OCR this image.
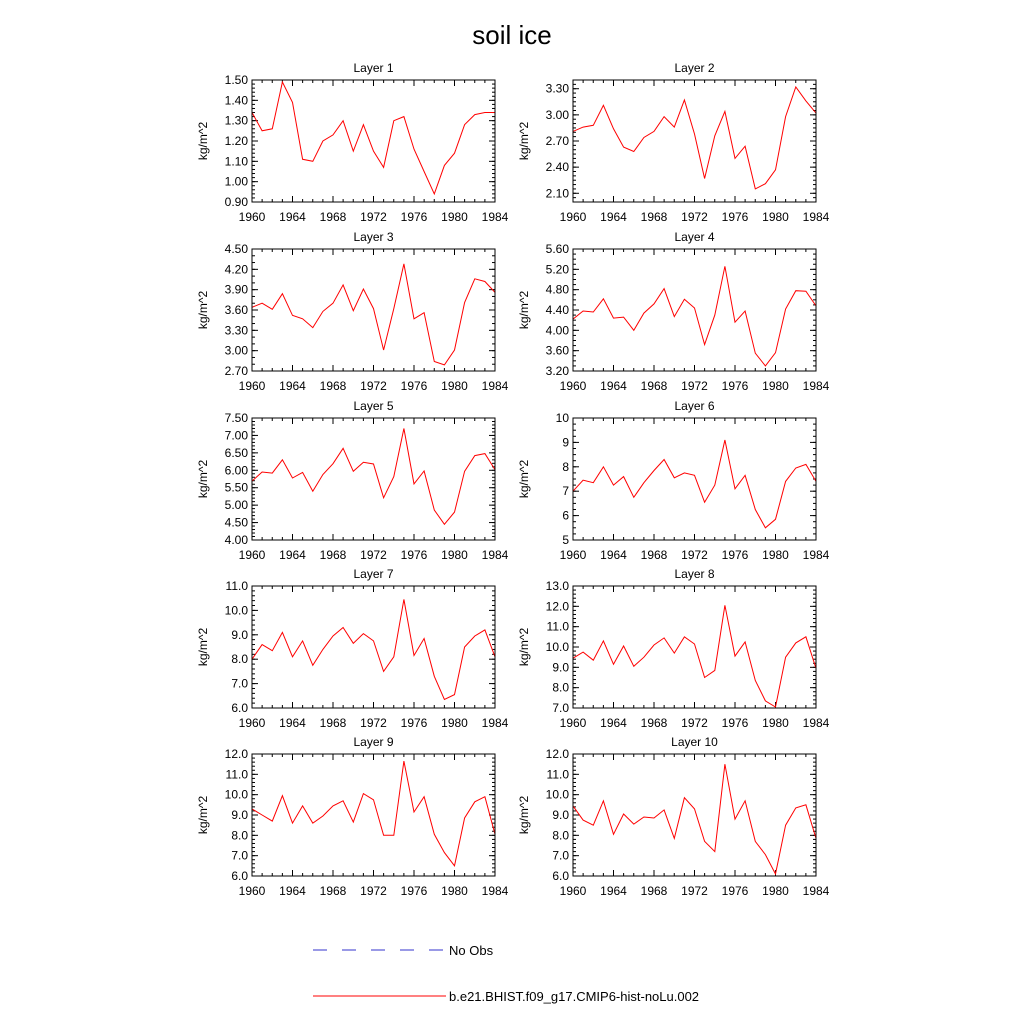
soil ice
Layer 1
kg/m^2
0.90
1.00
1.10
1.20
1.30
1.40
1.50
1960 1964 1968 1972 1976 1980 1984
Layer 2
kg/m^2
2.10
2.40
2.70
3.00
3.30
1960 1964 1968 1972 1976 1980 1984
Layer 3
kg/m^2
2.70
3.00
3.30
3.60
3.90
4.20
4.50
1960 1964 1968 1972 1976 1980 1984
Layer 4
kg/m^2
3.20
3.60
4.00
4.40
4.80
5.20
5.60
1960 1964 1968 1972 1976 1980 1984
Layer 5
kg/m^2
4.00
4.50
5.00
5.50
6.00
6.50
7.00
7.50
1960 1964 1968 1972 1976 1980 1984
Layer 6
kg/m^2
5
6
7
8
9
10
1960 1964 1968 1972 1976 1980 1984
Layer 7
kg/m^2
6.0
7.0
8.0
9.0
10.0
11.0
1960 1964 1968 1972 1976 1980 1984
Layer 8
kg/m^2
7.0
8.0
9.0
10.0
11.0
12.0
13.0
1960 1964 1968 1972 1976 1980 1984
Layer 9
kg/m^2
6.0
7.0
8.0
9.0
10.0
11.0
12.0
1960 1964 1968 1972 1976 1980 1984
Layer 10
kg/m^2
6.0
7.0
8.0
9.0
10.0
11.0
12.0
1960 1964 1968 1972 1976 1980 1984
No Obs
b.e21.BHIST.f09_g17.CMIP6-hist-noLu.002
